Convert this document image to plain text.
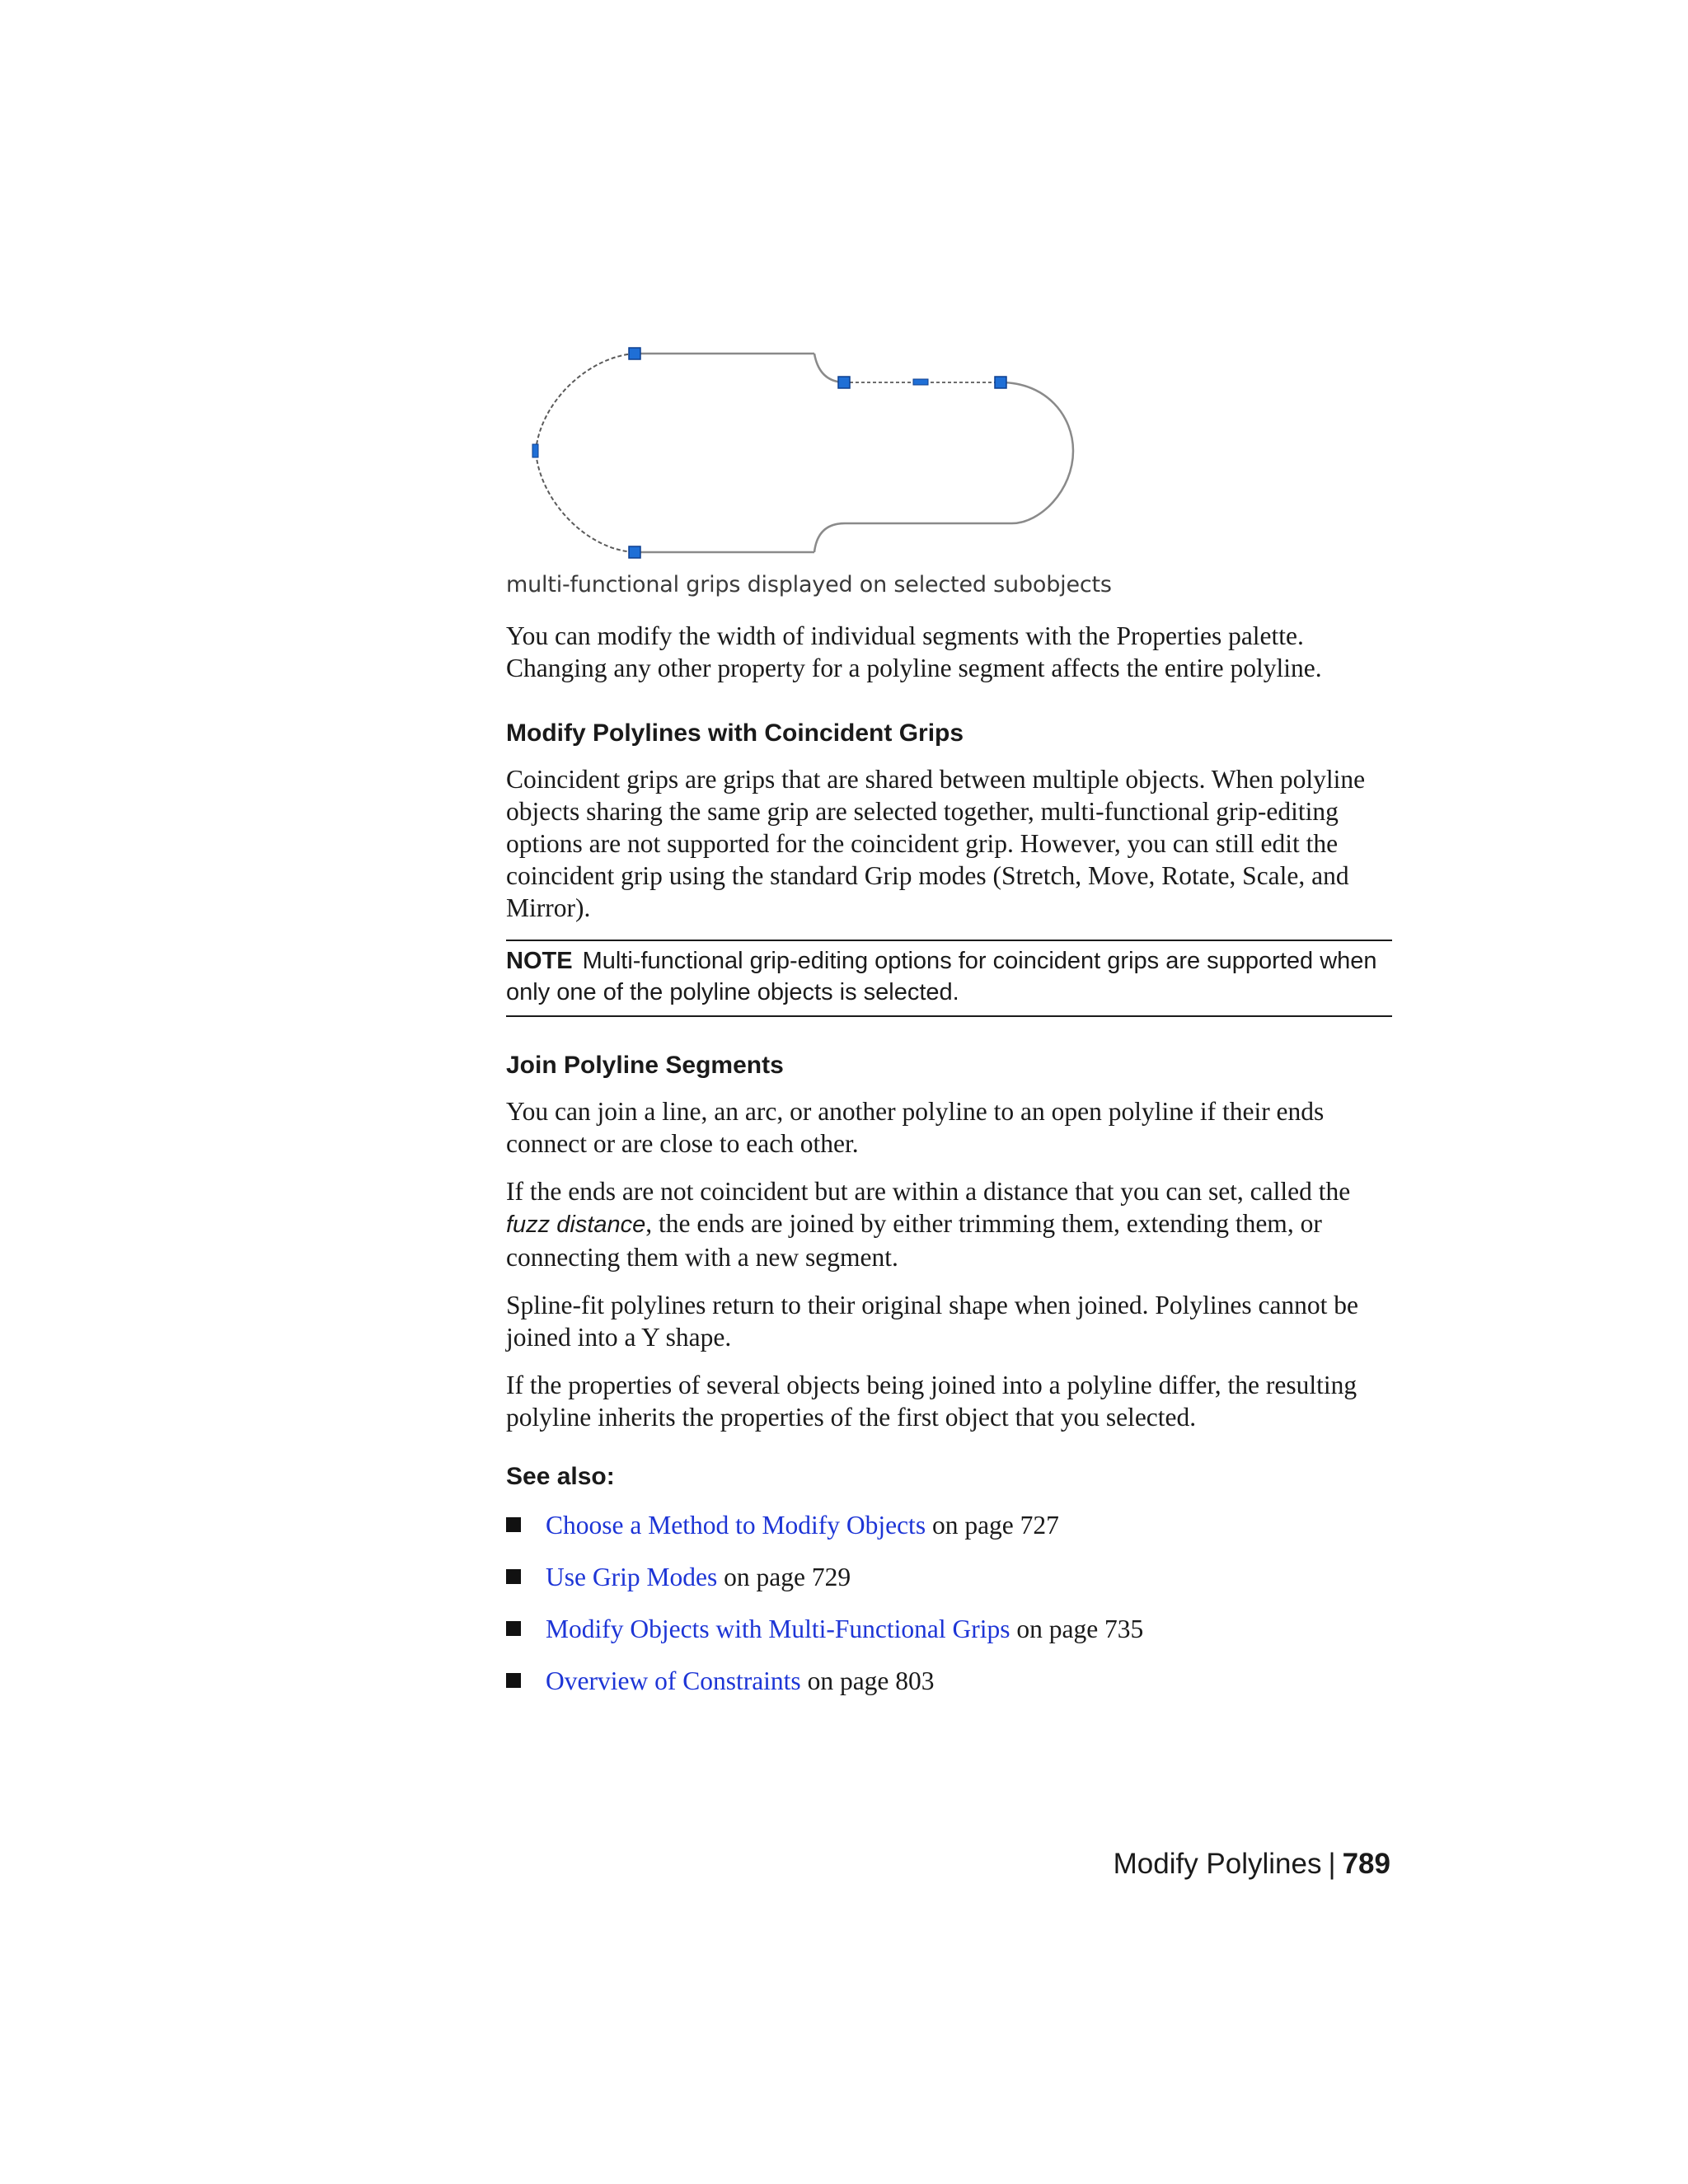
multi-functional grips displayed on selected subobjects

You can modify the width of individual segments with the Properties palette. Changing any other property for a polyline segment affects the entire polyline.

Modify Polylines with Coincident Grips

Coincident grips are grips that are shared between multiple objects. When polyline objects sharing the same grip are selected together, multi-functional grip-editing options are not supported for the coincident grip. However, you can still edit the coincident grip using the standard Grip modes (Stretch, Move, Rotate, Scale, and Mirror).

NOTE Multi-functional grip-editing options for coincident grips are supported when only one of the polyline objects is selected.
Join Polyline Segments

You can join a line, an arc, or another polyline to an open polyline if their ends connect or are close to each other.

If the ends are not coincident but are within a distance that you can set, called the fuzz distance, the ends are joined by either trimming them, extending them, or connecting them with a new segment.

Spline-fit polylines return to their original shape when joined. Polylines cannot be joined into a Y shape.

If the properties of several objects being joined into a polyline differ, the resulting polyline inherits the properties of the first object that you selected.

See also:
Choose a Method to Modify Objects on page 727
Use Grip Modes on page 729
Modify Objects with Multi-Functional Grips on page 735
Overview of Constraints on page 803
Modify Polylines | 789
